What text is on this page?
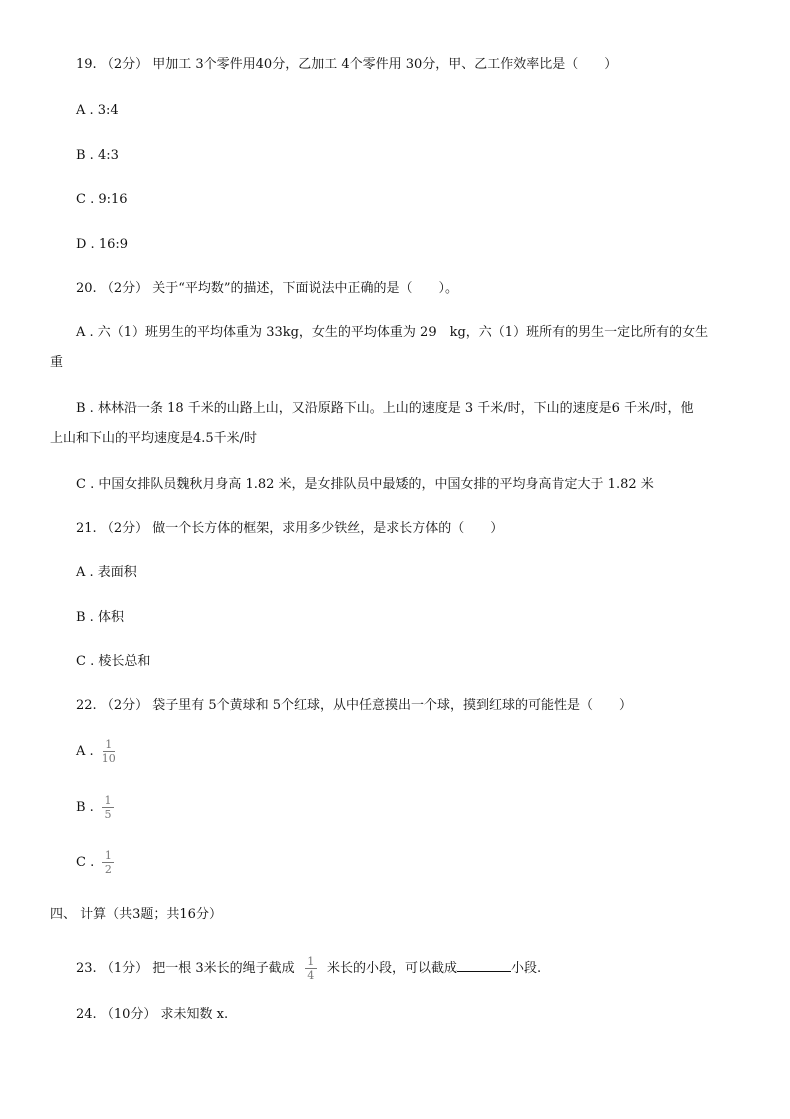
19. （2分） 甲加工 3个零件用40分，乙加工 4个零件用 30分，甲、乙工作效率比是（　　）
A . 3:4
B . 4:3
C . 9:16
D . 16:9
20. （2分） 关于“平均数”的描述，下面说法中正确的是（　　）。
A . 六（1）班男生的平均体重为 33kg，女生的平均体重为 29　kg，六（1）班所有的男生一定比所有的女生
重
B . 林林沿一条 18 千米的山路上山，又沿原路下山。上山的速度是 3 千米/时，下山的速度是6 千米/时，他
上山和下山的平均速度是4.5千米/时
C . 中国女排队员魏秋月身高 1.82 米，是女排队员中最矮的，中国女排的平均身高肯定大于 1.82 米
21. （2分） 做一个长方体的框架，求用多少铁丝，是求长方体的（　　）
A . 表面积
B . 体积
C . 棱长总和
22. （2分） 袋子里有 5个黄球和 5个红球，从中任意摸出一个球，摸到红球的可能性是（　　）
A . $\frac{1}{10}$
B . $\frac{1}{5}$
C . $\frac{1}{2}$
四、 计算（共3题；共16分）
23. （1分） 把一根 3米长的绳子截成 $\frac{1}{4}$ 米长的小段，可以截成	小段.
24. （10分） 求未知数 x.
